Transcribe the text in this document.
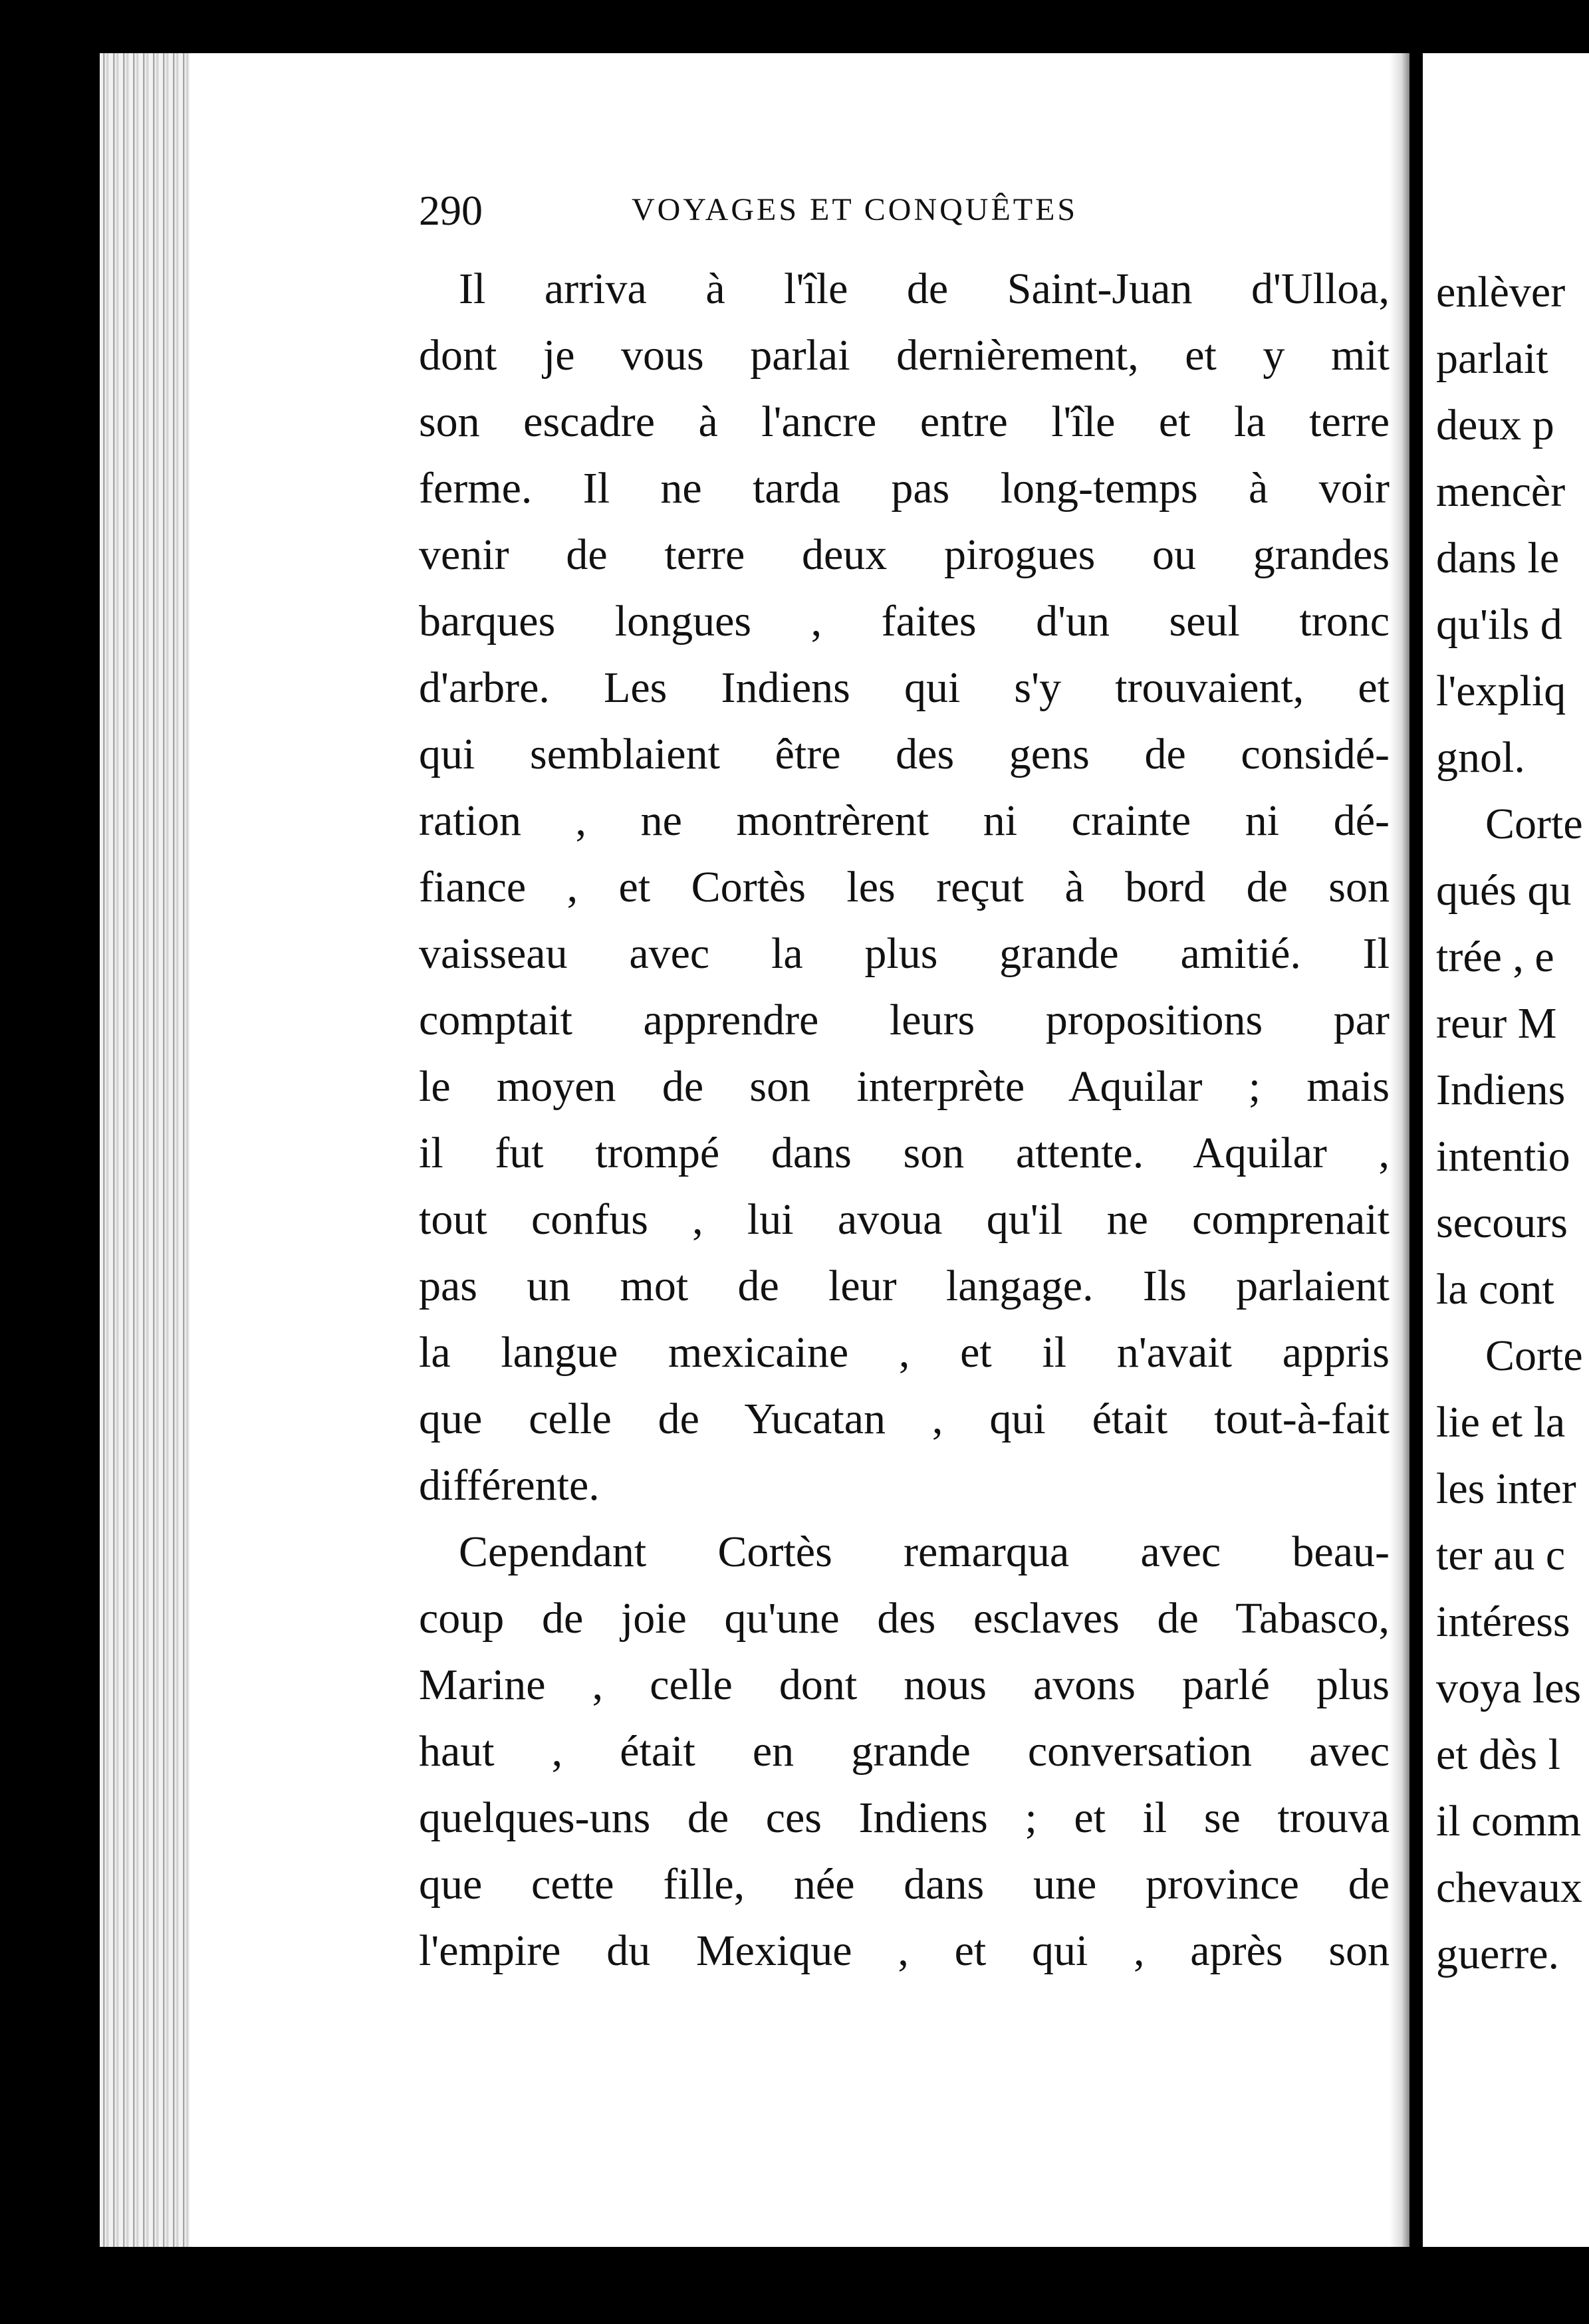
290	VOYAGES ET CONQUÊTES
Il arriva à l'île de Saint-Juan d'Ulloa,
dont je vous parlai dernièrement, et y mit
son escadre à l'ancre entre l'île et la terre
ferme. Il ne tarda pas long-temps à voir
venir de terre deux pirogues ou grandes
barques longues , faites d'un seul tronc
d'arbre. Les Indiens qui s'y trouvaient, et
qui semblaient être des gens de considé-
ration , ne montrèrent ni crainte ni dé-
fiance , et Cortès les reçut à bord de son
vaisseau avec la plus grande amitié. Il
comptait apprendre leurs propositions par
le moyen de son interprète Aquilar ; mais
il fut trompé dans son attente. Aquilar ,
tout confus , lui avoua qu'il ne comprenait
pas un mot de leur langage. Ils parlaient
la langue mexicaine , et il n'avait appris
que celle de Yucatan , qui était tout-à-fait
différente.
Cependant Cortès remarqua avec beau-
coup de joie qu'une des esclaves de Tabasco,
Marine , celle dont nous avons parlé plus
haut , était en grande conversation avec
quelques-uns de ces Indiens ; et il se trouva
que cette fille, née dans une province de
l'empire du Mexique , et qui , après son
enlèver
parlait
deux p
mencèr
dans le
qu'ils d
l'expliq
gnol.
Corte
qués qu
trée , e
reur M
Indiens
intentio
secours
la cont
Corte
lie et la
les inter
ter au c
intéress
voya les
et dès l
il comm
chevaux
guerre.
